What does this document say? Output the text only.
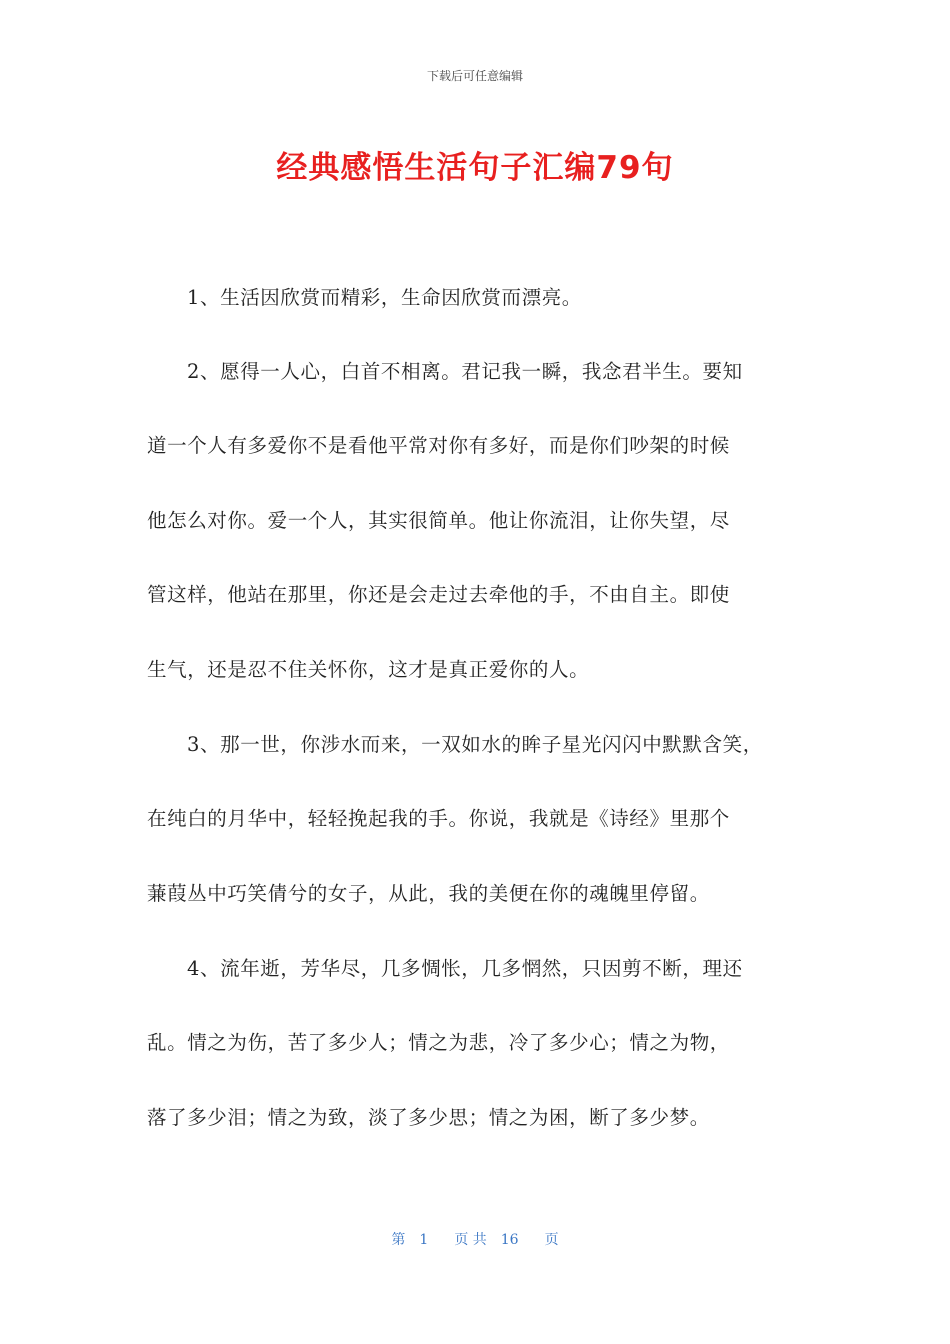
下载后可任意编辑
经典感悟生活句子汇编79句
1、生活因欣赏而精彩，生命因欣赏而漂亮。
2、愿得一人心，白首不相离。君记我一瞬，我念君半生。要知
道一个人有多爱你不是看他平常对你有多好，而是你们吵架的时候
他怎么对你。爱一个人，其实很简单。他让你流泪，让你失望，尽
管这样，他站在那里，你还是会走过去牵他的手，不由自主。即使
生气，还是忍不住关怀你，这才是真正爱你的人。
3、那一世，你涉水而来，一双如水的眸子星光闪闪中默默含笑，
在纯白的月华中，轻轻挽起我的手。你说，我就是《诗经》里那个
蒹葭丛中巧笑倩兮的女子，从此，我的美便在你的魂魄里停留。
4、流年逝，芳华尽，几多惆怅，几多惘然，只因剪不断，理还
乱。情之为伤，苦了多少人；情之为悲，冷了多少心；情之为物，
落了多少泪；情之为致，淡了多少思；情之为困，断了多少梦。
第 1 页 共 16 页
